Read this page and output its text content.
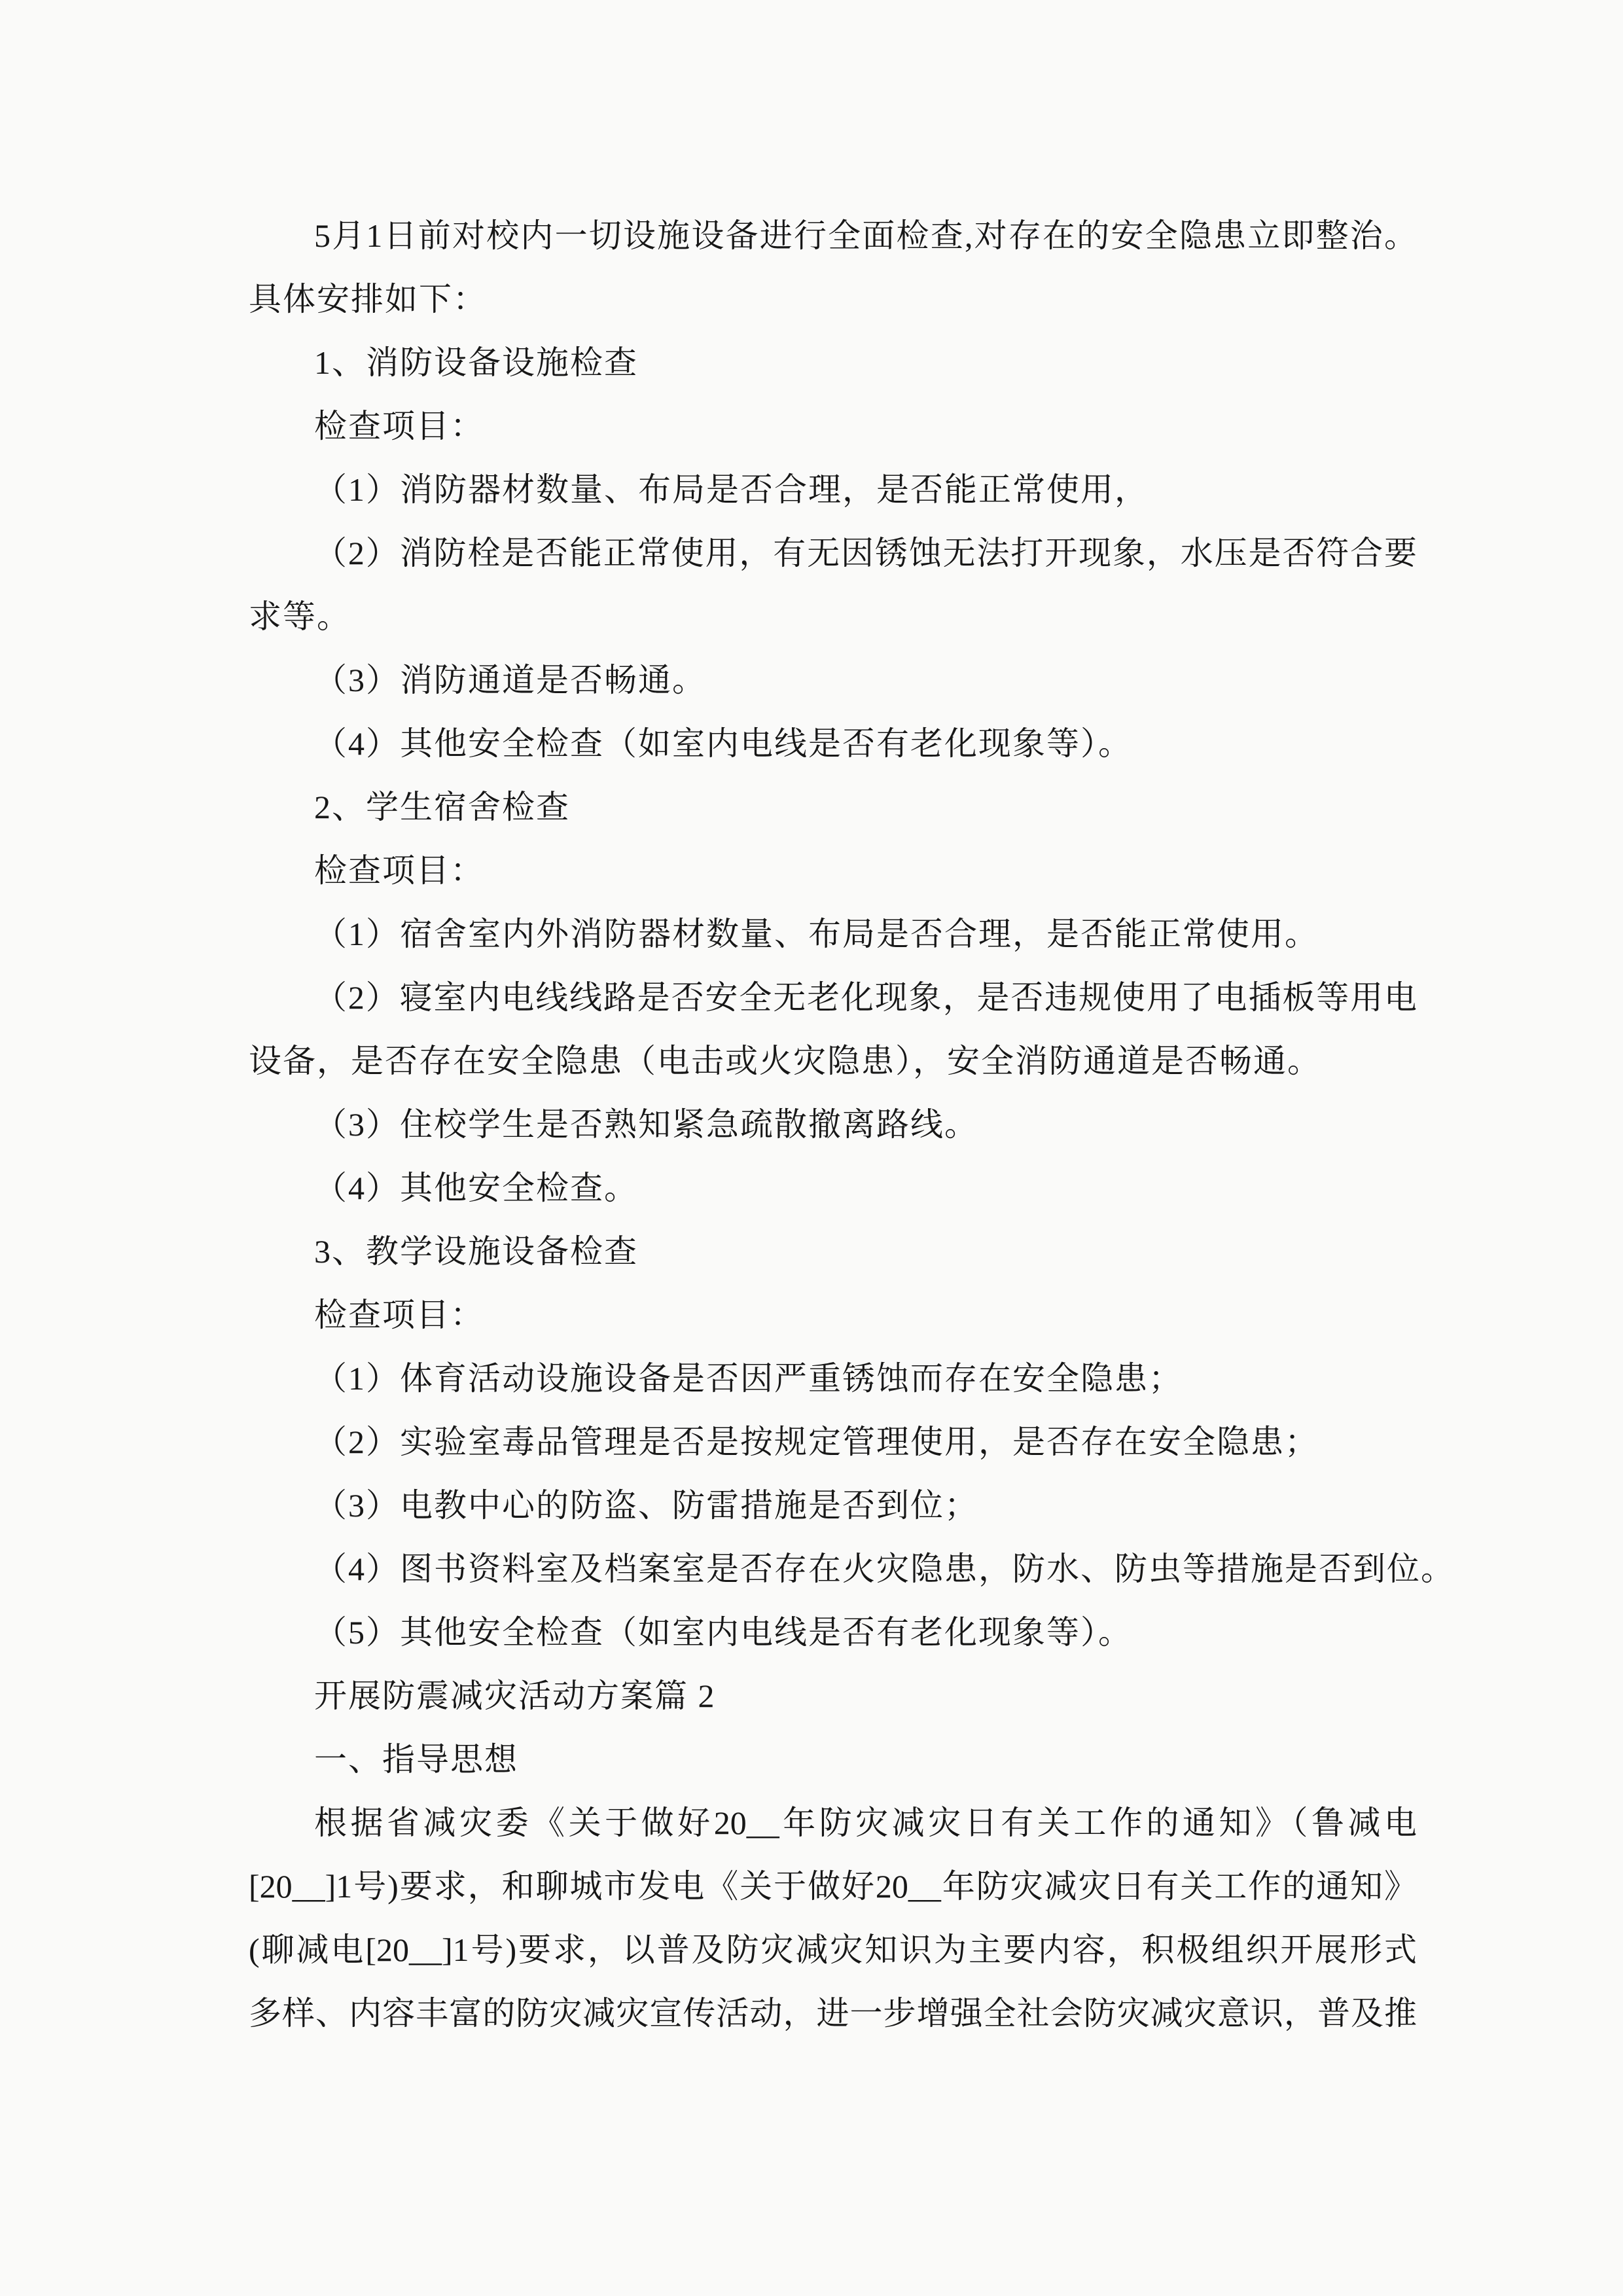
5月1日前对校内一切设施设备进行全面检查,对存在的安全隐患立即整治。
具体安排如下：
1、消防设备设施检查
检查项目：
（1）消防器材数量、布局是否合理，是否能正常使用，
（2）消防栓是否能正常使用，有无因锈蚀无法打开现象，水压是否符合要
求等。
（3）消防通道是否畅通。
（4）其他安全检查（如室内电线是否有老化现象等）。
2、学生宿舍检查
检查项目：
（1）宿舍室内外消防器材数量、布局是否合理，是否能正常使用。
（2）寝室内电线线路是否安全无老化现象，是否违规使用了电插板等用电
设备，是否存在安全隐患（电击或火灾隐患），安全消防通道是否畅通。
（3）住校学生是否熟知紧急疏散撤离路线。
（4）其他安全检查。
3、教学设施设备检查
检查项目：
（1）体育活动设施设备是否因严重锈蚀而存在安全隐患；
（2）实验室毒品管理是否是按规定管理使用，是否存在安全隐患；
（3）电教中心的防盗、防雷措施是否到位；
（4）图书资料室及档案室是否存在火灾隐患，防水、防虫等措施是否到位。
（5）其他安全检查（如室内电线是否有老化现象等）。
开展防震减灾活动方案篇 2
一、指导思想
根据省减灾委《关于做好20__年防灾减灾日有关工作的通知》（鲁减电
[20__]1号)要求，和聊城市发电《关于做好20__年防灾减灾日有关工作的通知》
(聊减电[20__]1号)要求，以普及防灾减灾知识为主要内容，积极组织开展形式
多样、内容丰富的防灾减灾宣传活动，进一步增强全社会防灾减灾意识，普及推
